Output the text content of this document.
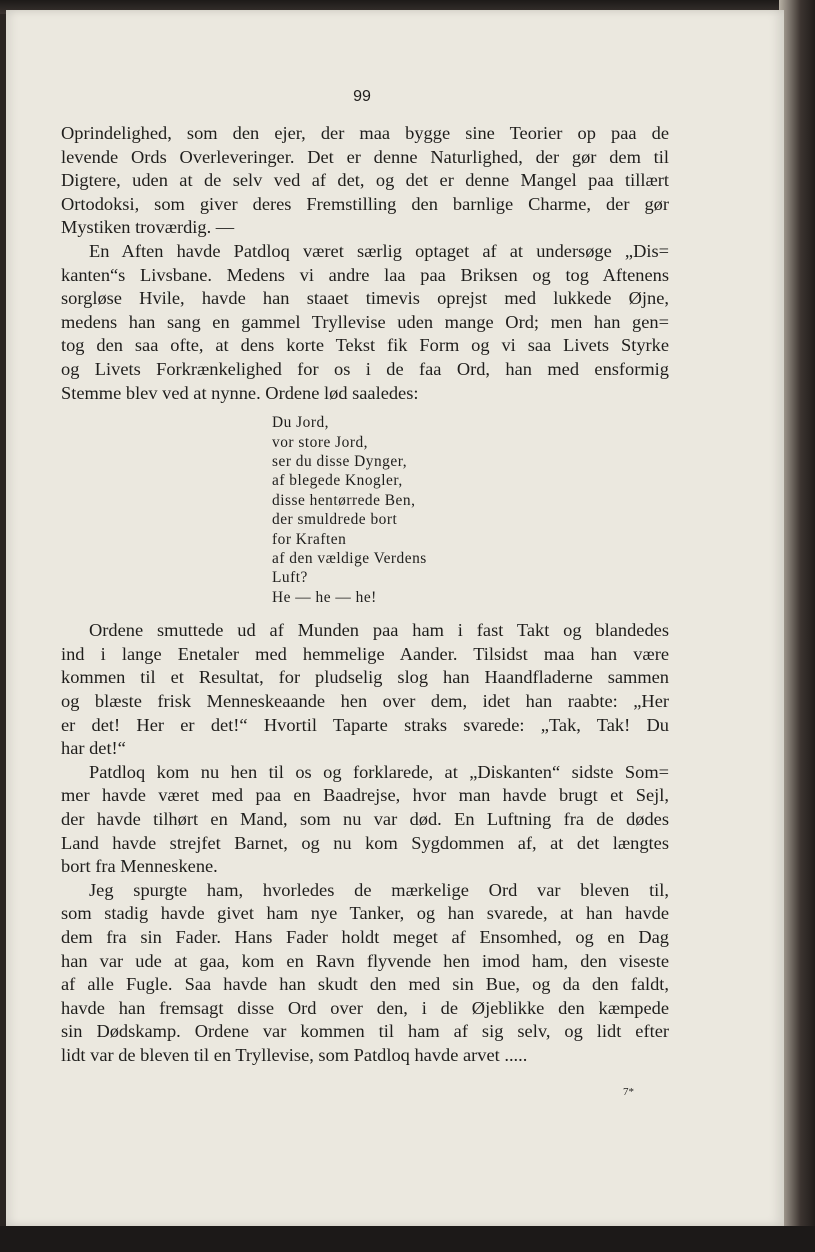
99
Oprindelighed, som den ejer, der maa bygge sine Teorier op paa de
levende Ords Overleveringer. Det er denne Naturlighed, der gør dem til
Digtere, uden at de selv ved af det, og det er denne Mangel paa tillært
Ortodoksi, som giver deres Fremstilling den barnlige Charme, der gør
Mystiken troværdig. —
En Aften havde Patdloq været særlig optaget af at undersøge „Dis=
kanten“s Livsbane. Medens vi andre laa paa Briksen og tog Aftenens
sorgløse Hvile, havde han staaet timevis oprejst med lukkede Øjne,
medens han sang en gammel Tryllevise uden mange Ord; men han gen=
tog den saa ofte, at dens korte Tekst fik Form og vi saa Livets Styrke
og Livets Forkrænkelighed for os i de faa Ord, han med ensformig
Stemme blev ved at nynne. Ordene lød saaledes:
Du Jord,
vor store Jord,
ser du disse Dynger,
af blegede Knogler,
disse hentørrede Ben,
der smuldrede bort
for Kraften
af den vældige Verdens
Luft?
He — he — he!
Ordene smuttede ud af Munden paa ham i fast Takt og blandedes
ind i lange Enetaler med hemmelige Aander. Tilsidst maa han være
kommen til et Resultat, for pludselig slog han Haandfladerne sammen
og blæste frisk Menneskeaande hen over dem, idet han raabte: „Her
er det! Her er det!“ Hvortil Taparte straks svarede: „Tak, Tak! Du
har det!“
Patdloq kom nu hen til os og forklarede, at „Diskanten“ sidste Som=
mer havde været med paa en Baadrejse, hvor man havde brugt et Sejl,
der havde tilhørt en Mand, som nu var død. En Luftning fra de dødes
Land havde strejfet Barnet, og nu kom Sygdommen af, at det længtes
bort fra Menneskene.
Jeg spurgte ham, hvorledes de mærkelige Ord var bleven til,
som stadig havde givet ham nye Tanker, og han svarede, at han havde
dem fra sin Fader. Hans Fader holdt meget af Ensomhed, og en Dag
han var ude at gaa, kom en Ravn flyvende hen imod ham, den viseste
af alle Fugle. Saa havde han skudt den med sin Bue, og da den faldt,
havde han fremsagt disse Ord over den, i de Øjeblikke den kæmpede
sin Dødskamp. Ordene var kommen til ham af sig selv, og lidt efter
lidt var de bleven til en Tryllevise, som Patdloq havde arvet .....
7*
